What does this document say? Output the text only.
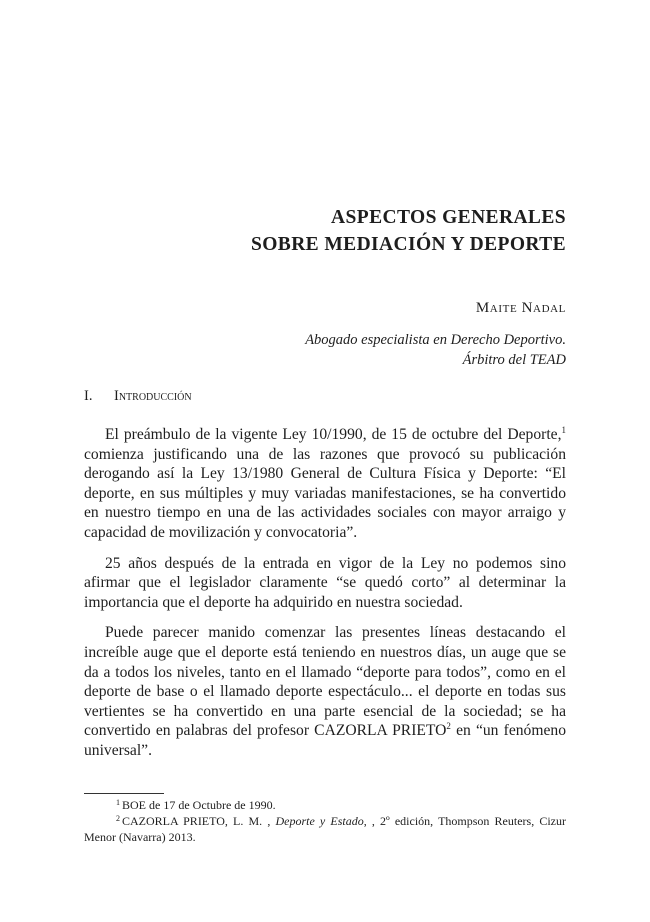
ASPECTOS GENERALES
SOBRE MEDIACIÓN Y DEPORTE
Maite Nadal
Abogado especialista en Derecho Deportivo.
Árbitro del TEAD
I. Introducción

El preámbulo de la vigente Ley 10/1990, de 15 de octubre del Deporte,$^1$ comienza justificando una de las razones que provocó su publicación derogando así la Ley 13/1980 General de Cultura Física y Deporte: “El deporte, en sus múltiples y muy variadas manifestaciones, se ha convertido en nuestro tiempo en una de las actividades sociales con mayor arraigo y capacidad de movilización y convocatoria”.

25 años después de la entrada en vigor de la Ley no podemos sino afirmar que el legislador claramente “se quedó corto” al determinar la importancia que el deporte ha adquirido en nuestra sociedad.

Puede parecer manido comenzar las presentes líneas destacando el increíble auge que el deporte está teniendo en nuestros días, un auge que se da a todos los niveles, tanto en el llamado “deporte para todos”, como en el deporte de base o el llamado deporte espectáculo... el deporte en todas sus vertientes se ha convertido en una parte esencial de la sociedad; se ha convertido en palabras del profesor CAZORLA PRIETO$^2$ en “un fenómeno universal”.

1 BOE de 17 de Octubre de 1990.

2 CAZORLA PRIETO, L. M. , Deporte y Estado, , 2º edición, Thompson Reuters, Cizur Menor (Navarra) 2013.
